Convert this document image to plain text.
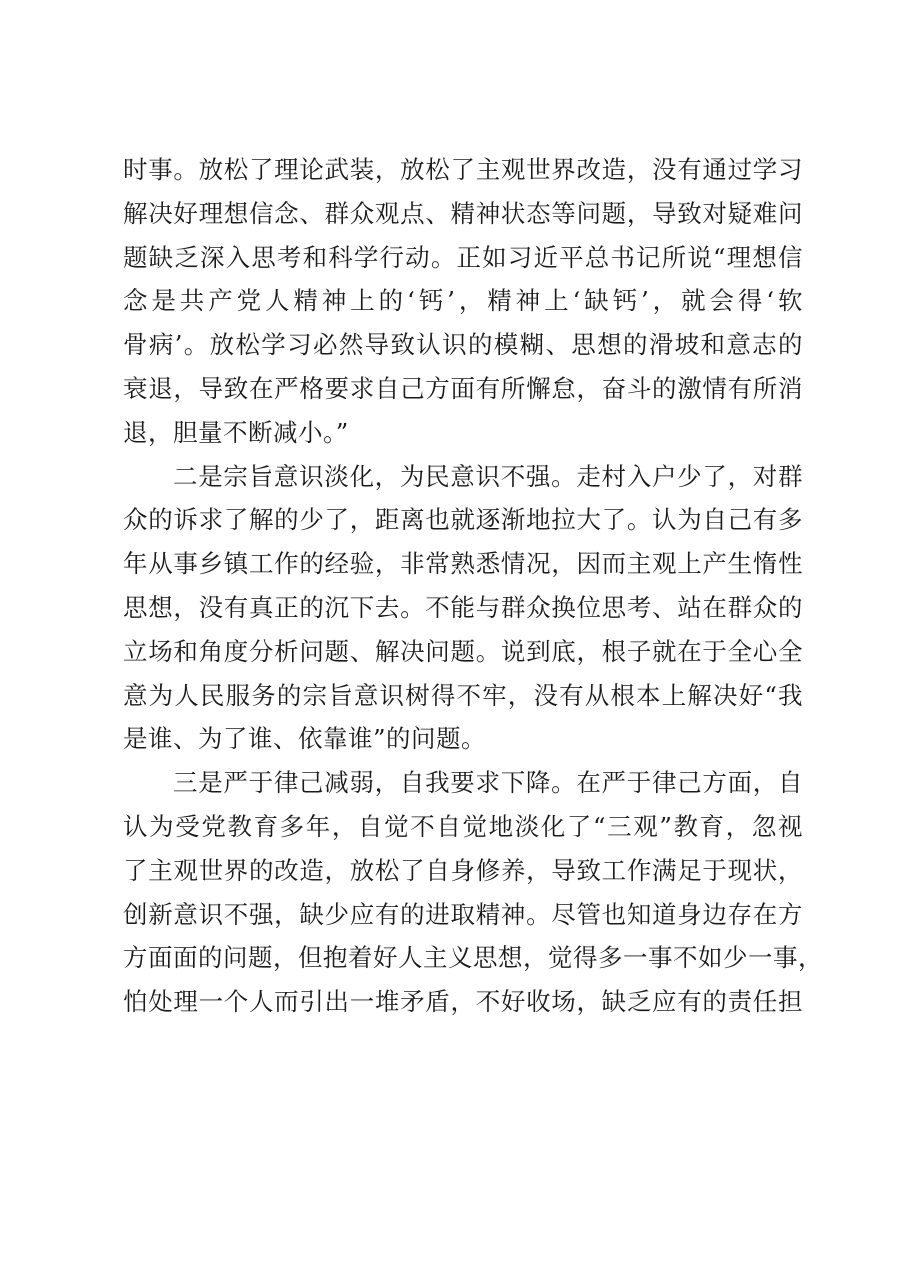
时事。放松了理论武装，放松了主观世界改造，没有通过学习
解决好理想信念、群众观点、精神状态等问题，导致对疑难问
题缺乏深入思考和科学行动。正如习近平总书记所说“理想信
念是共产党人精神上的‘钙’，精神上‘缺钙’，就会得‘软
骨病’。放松学习必然导致认识的模糊、思想的滑坡和意志的
衰退，导致在严格要求自己方面有所懈怠，奋斗的激情有所消
退，胆量不断减小。”
二是宗旨意识淡化，为民意识不强。走村入户少了，对群
众的诉求了解的少了，距离也就逐渐地拉大了。认为自己有多
年从事乡镇工作的经验，非常熟悉情况，因而主观上产生惰性
思想，没有真正的沉下去。不能与群众换位思考、站在群众的
立场和角度分析问题、解决问题。说到底，根子就在于全心全
意为人民服务的宗旨意识树得不牢，没有从根本上解决好“我
是谁、为了谁、依靠谁”的问题。
三是严于律己减弱，自我要求下降。在严于律己方面，自
认为受党教育多年，自觉不自觉地淡化了“三观”教育，忽视
了主观世界的改造，放松了自身修养，导致工作满足于现状，
创新意识不强，缺少应有的进取精神。尽管也知道身边存在方
方面面的问题，但抱着好人主义思想，觉得多一事不如少一事，
怕处理一个人而引出一堆矛盾，不好收场，缺乏应有的责任担
